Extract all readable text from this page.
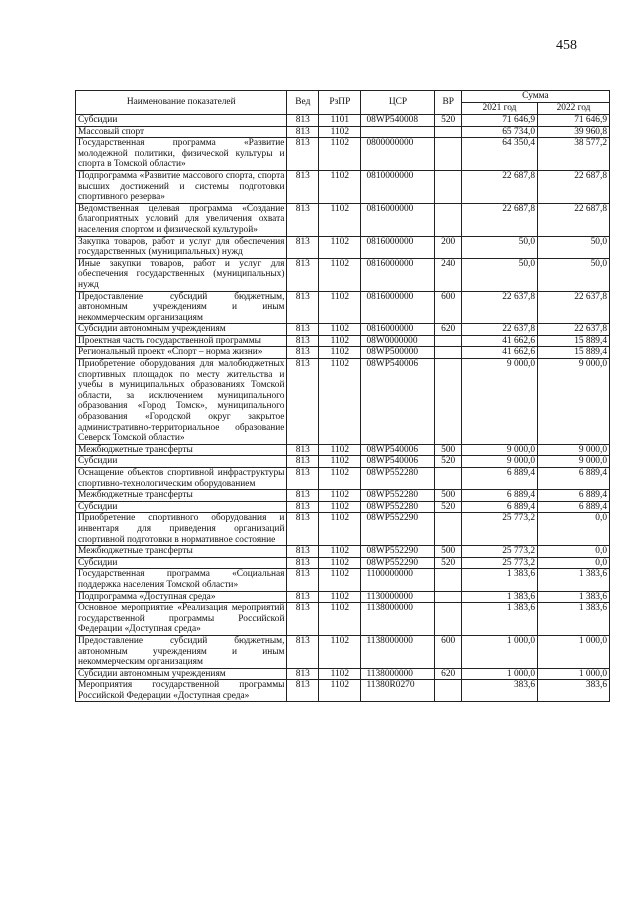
458
Наименование показателей	Вед	РзПР	ЦСР	ВР	Сумма	
					2021 год	2022 год
Субсидии	813	1101	08WP540008	520	71 646,9	71 646,9
Массовый спорт	813	1102			65 734,0	39 960,8
Государственная программа «Развитие молодежной политики, физической культуры и спорта в Томской области»	813	1102	0800000000		64 350,4	38 577,2
Подпрограмма «Развитие массового спорта, спорта высших достижений и системы подготовки спортивного резерва»	813	1102	0810000000		22 687,8	22 687,8
Ведомственная целевая программа «Создание благоприятных условий для увеличения охвата населения спортом и физической культурой»	813	1102	0816000000		22 687,8	22 687,8
Закупка товаров, работ и услуг для обеспечения государственных (муниципальных) нужд	813	1102	0816000000	200	50,0	50,0
Иные закупки товаров, работ и услуг для обеспечения государственных (муниципальных) нужд	813	1102	0816000000	240	50,0	50,0
Предоставление субсидий бюджетным, автономным учреждениям и иным некоммерческим организациям	813	1102	0816000000	600	22 637,8	22 637,8
Субсидии автономным учреждениям	813	1102	0816000000	620	22 637,8	22 637,8
Проектная часть государственной программы	813	1102	08W0000000		41 662,6	15 889,4
Региональный проект «Спорт – норма жизни»	813	1102	08WP500000		41 662,6	15 889,4
Приобретение оборудования для малобюджетных спортивных площадок по месту жительства и учебы в муниципальных образованиях Томской области, за исключением муниципального образования «Город Томск», муниципального образования «Городской округ закрытое административно-территориальное образование Северск Томской области»	813	1102	08WP540006		9 000,0	9 000,0
Межбюджетные трансферты	813	1102	08WP540006	500	9 000,0	9 000,0
Субсидии	813	1102	08WP540006	520	9 000,0	9 000,0
Оснащение объектов спортивной инфраструктуры спортивно-технологическим оборудованием	813	1102	08WP552280		6 889,4	6 889,4
Межбюджетные трансферты	813	1102	08WP552280	500	6 889,4	6 889,4
Субсидии	813	1102	08WP552280	520	6 889,4	6 889,4
Приобретение спортивного оборудования и инвентаря для приведения организаций спортивной подготовки в нормативное состояние	813	1102	08WP552290		25 773,2	0,0
Межбюджетные трансферты	813	1102	08WP552290	500	25 773,2	0,0
Субсидии	813	1102	08WP552290	520	25 773,2	0,0
Государственная программа «Социальная поддержка населения Томской области»	813	1102	1100000000		1 383,6	1 383,6
Подпрограмма «Доступная среда»	813	1102	1130000000		1 383,6	1 383,6
Основное мероприятие «Реализация мероприятий государственной программы Российской Федерации «Доступная среда»	813	1102	1138000000		1 383,6	1 383,6
Предоставление субсидий бюджетным, автономным учреждениям и иным некоммерческим организациям	813	1102	1138000000	600	1 000,0	1 000,0
Субсидии автономным учреждениям	813	1102	1138000000	620	1 000,0	1 000,0
Мероприятия государственной программы Российской Федерации «Доступная среда»	813	1102	11380R0270		383,6	383,6
